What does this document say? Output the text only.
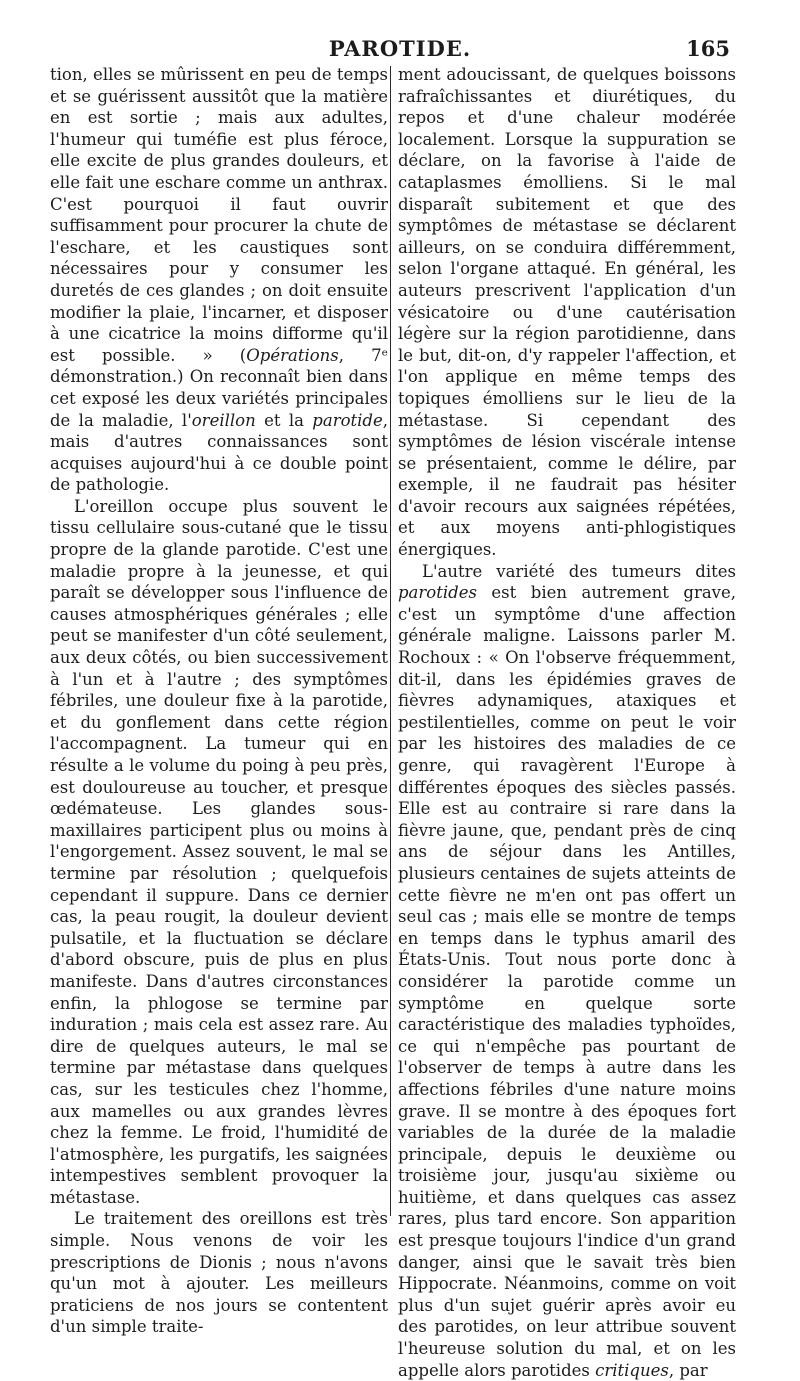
PAROTIDE.	165

tion, elles se mûrissent en peu de temps et se guérissent aussitôt que la matière en est sortie ; mais aux adultes, l'humeur qui tuméfie est plus féroce, elle excite de plus grandes douleurs, et elle fait une eschare comme un anthrax. C'est pourquoi il faut ouvrir suffisamment pour procurer la chute de l'eschare, et les caustiques sont nécessaires pour y consumer les duretés de ces glandes ; on doit ensuite modifier la plaie, l'incarner, et disposer à une cicatrice la moins difforme qu'il est possible. » (Opérations, 7ᵉ démonstration.) On reconnaît bien dans cet exposé les deux variétés principales de la maladie, l'oreillon et la parotide, mais d'autres connaissances sont acquises aujourd'hui à ce double point de pathologie.

L'oreillon occupe plus souvent le tissu cellulaire sous-cutané que le tissu propre de la glande parotide. C'est une maladie propre à la jeunesse, et qui paraît se développer sous l'influence de causes atmosphériques générales ; elle peut se manifester d'un côté seulement, aux deux côtés, ou bien successivement à l'un et à l'autre ; des symptômes fébriles, une douleur fixe à la parotide, et du gonflement dans cette région l'accompagnent. La tumeur qui en résulte a le volume du poing à peu près, est douloureuse au toucher, et presque œdémateuse. Les glandes sous-maxillaires participent plus ou moins à l'engorgement. Assez souvent, le mal se termine par résolution ; quelquefois cependant il suppure. Dans ce dernier cas, la peau rougit, la douleur devient pulsatile, et la fluctuation se déclare d'abord obscure, puis de plus en plus manifeste. Dans d'autres circonstances enfin, la phlogose se termine par induration ; mais cela est assez rare. Au dire de quelques auteurs, le mal se termine par métastase dans quelques cas, sur les testicules chez l'homme, aux mamelles ou aux grandes lèvres chez la femme. Le froid, l'humidité de l'atmosphère, les purgatifs, les saignées intempestives semblent provoquer la métastase.

Le traitement des oreillons est très simple. Nous venons de voir les prescriptions de Dionis ; nous n'avons qu'un mot à ajouter. Les meilleurs praticiens de nos jours se contentent d'un simple traite-

ment adoucissant, de quelques boissons rafraîchissantes et diurétiques, du repos et d'une chaleur modérée localement. Lorsque la suppuration se déclare, on la favorise à l'aide de cataplasmes émolliens. Si le mal disparaît subitement et que des symptômes de métastase se déclarent ailleurs, on se conduira différemment, selon l'organe attaqué. En général, les auteurs prescrivent l'application d'un vésicatoire ou d'une cautérisation légère sur la région parotidienne, dans le but, dit-on, d'y rappeler l'affection, et l'on applique en même temps des topiques émolliens sur le lieu de la métastase. Si cependant des symptômes de lésion viscérale intense se présentaient, comme le délire, par exemple, il ne faudrait pas hésiter d'avoir recours aux saignées répétées, et aux moyens anti-phlogistiques énergiques.

L'autre variété des tumeurs dites parotides est bien autrement grave, c'est un symptôme d'une affection générale maligne. Laissons parler M. Rochoux : « On l'observe fréquemment, dit-il, dans les épidémies graves de fièvres adynamiques, ataxiques et pestilentielles, comme on peut le voir par les histoires des maladies de ce genre, qui ravagèrent l'Europe à différentes époques des siècles passés. Elle est au contraire si rare dans la fièvre jaune, que, pendant près de cinq ans de séjour dans les Antilles, plusieurs centaines de sujets atteints de cette fièvre ne m'en ont pas offert un seul cas ; mais elle se montre de temps en temps dans le typhus amaril des États-Unis. Tout nous porte donc à considérer la parotide comme un symptôme en quelque sorte caractéristique des maladies typhoïdes, ce qui n'empêche pas pourtant de l'observer de temps à autre dans les affections fébriles d'une nature moins grave. Il se montre à des époques fort variables de la durée de la maladie principale, depuis le deuxième ou troisième jour, jusqu'au sixième ou huitième, et dans quelques cas assez rares, plus tard encore. Son apparition est presque toujours l'indice d'un grand danger, ainsi que le savait très bien Hippocrate. Néanmoins, comme on voit plus d'un sujet guérir après avoir eu des parotides, on leur attribue souvent l'heureuse solution du mal, et on les appelle alors parotides critiques, par
